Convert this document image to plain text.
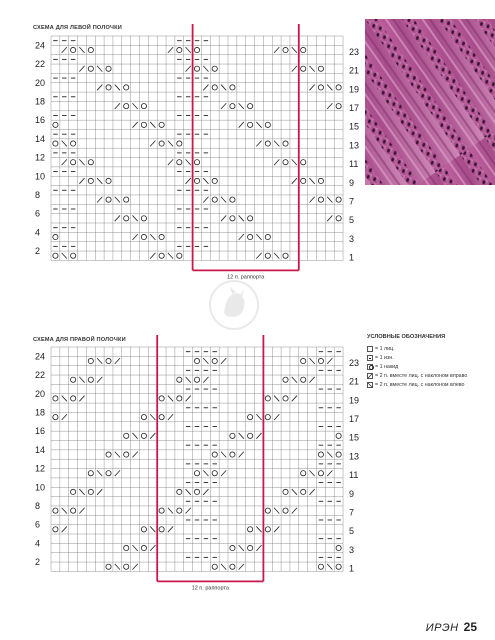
СХЕМА ДЛЯ ЛЕВОЙ ПОЛОЧКИ
СХЕМА ДЛЯ ПРАВОЙ ПОЛОЧКИ
24
22
20
18
16
14
12
10
8
6
4
2
23
21
19
17
15
13
11
9
7
5
3
1
12 п. раппорта
24
22
20
18
16
14
12
10
8
6
4
2
23
21
19
17
15
13
11
9
7
5
3
1
12 п. раппорта
УСЛОВНЫЕ ОБОЗНАЧЕНИЯ
= 1 лиц.
= 1 изн.
= 1 накид
= 2 п. вместе лиц. с наклоном вправо
= 2 п. вместе лиц. с наклоном влево
ИРЭН 25
